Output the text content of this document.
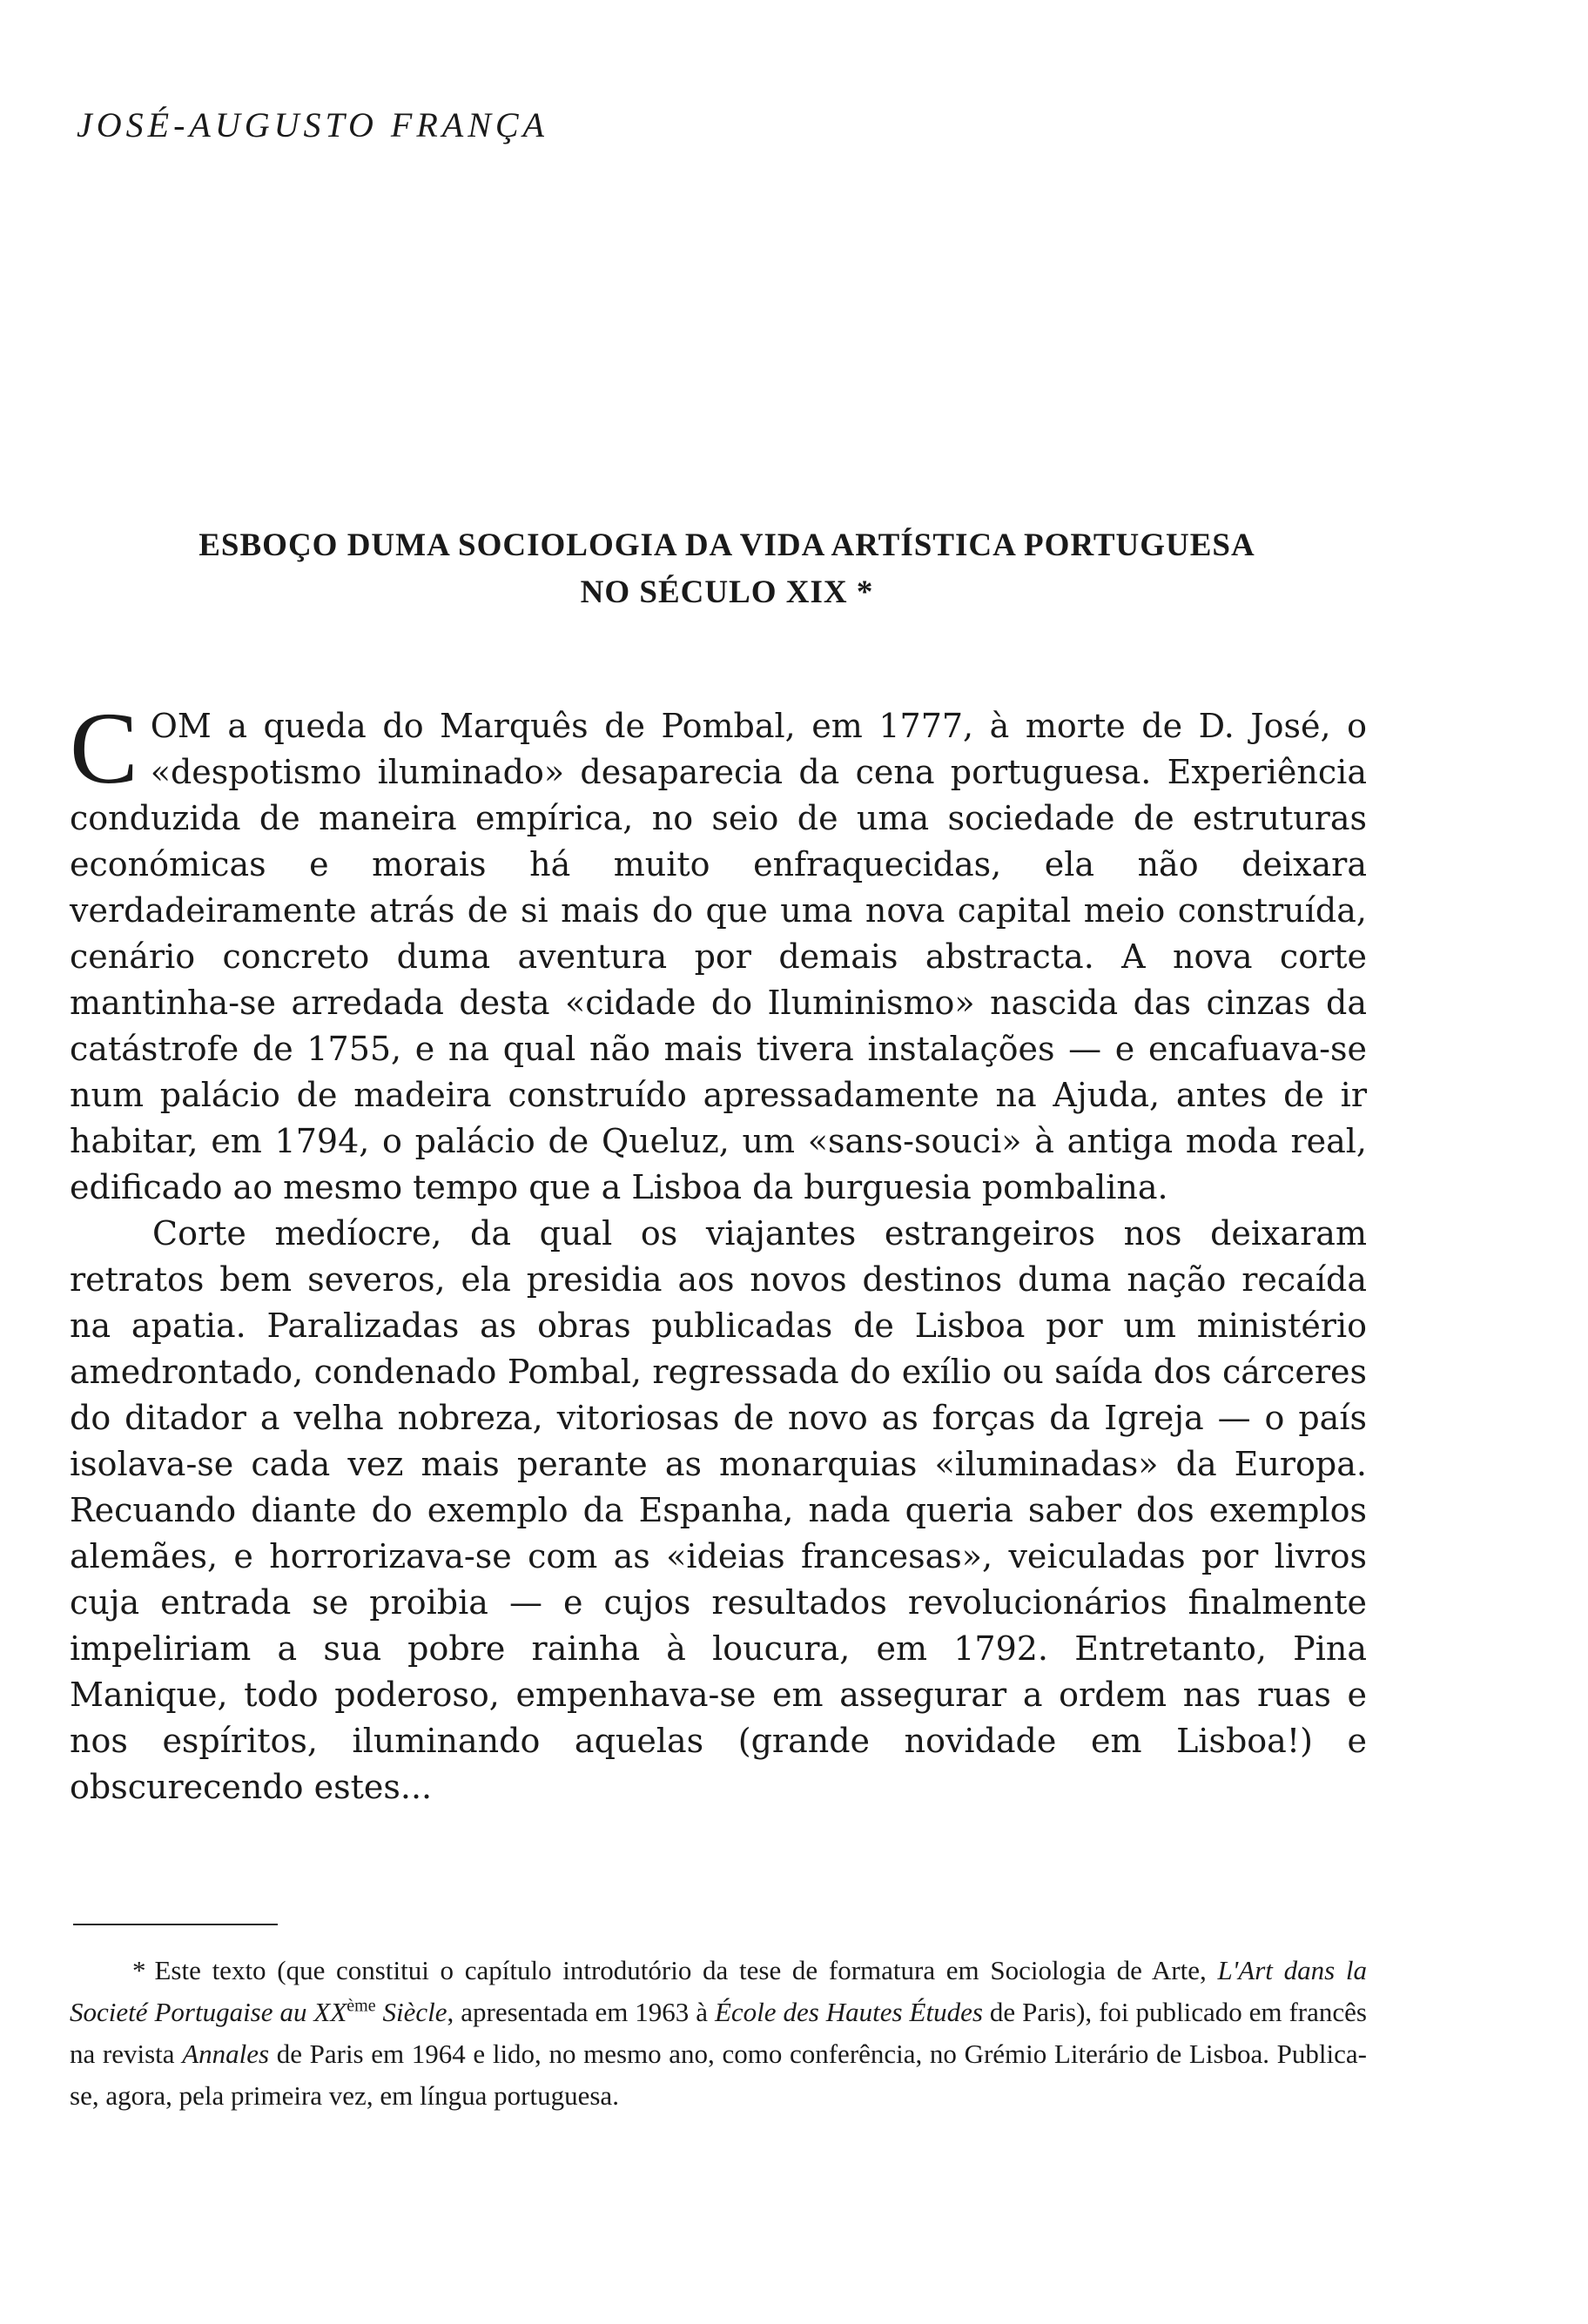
JOSÉ-AUGUSTO FRANÇA
ESBOÇO DUMA SOCIOLOGIA DA VIDA ARTÍSTICA PORTUGUESA
NO SÉCULO XIX *

COM a queda do Marquês de Pombal, em 1777, à morte de D. José, o «despotismo iluminado» desaparecia da cena portuguesa. Experiência conduzida de maneira empírica, no seio de uma sociedade de estruturas económicas e morais há muito enfraquecidas, ela não deixara verdadeiramente atrás de si mais do que uma nova capital meio construída, cenário concreto duma aventura por demais abstracta. A nova corte mantinha-se arredada desta «cidade do Iluminismo» nascida das cinzas da catástrofe de 1755, e na qual não mais tivera instalações — e encafuava-se num palácio de madeira construído apressadamente na Ajuda, antes de ir habitar, em 1794, o palácio de Queluz, um «sans-souci» à antiga moda real, edificado ao mesmo tempo que a Lisboa da burguesia pombalina.

Corte medíocre, da qual os viajantes estrangeiros nos deixaram retratos bem severos, ela presidia aos novos destinos duma nação recaída na apatia. Paralizadas as obras publicadas de Lisboa por um ministério amedrontado, condenado Pombal, regressada do exílio ou saída dos cárceres do ditador a velha nobreza, vitoriosas de novo as forças da Igreja — o país isolava-se cada vez mais perante as monarquias «iluminadas» da Europa. Recuando diante do exemplo da Espanha, nada queria saber dos exemplos alemães, e horrorizava-se com as «ideias francesas», veiculadas por livros cuja entrada se proibia — e cujos resultados revolucionários finalmente impeliriam a sua pobre rainha à loucura, em 1792. Entretanto, Pina Manique, todo poderoso, empenhava-se em assegurar a ordem nas ruas e nos espíritos, iluminando aquelas (grande novidade em Lisboa!) e obscurecendo estes...

* Este texto (que constitui o capítulo introdutório da tese de formatura em Sociologia de Arte, L'Art dans la Societé Portugaise au XXème Siècle, apresentada em 1963 à École des Hautes Études de Paris), foi publicado em francês na revista Annales de Paris em 1964 e lido, no mesmo ano, como conferência, no Grémio Literário de Lisboa. Publica-se, agora, pela primeira vez, em língua portuguesa.
